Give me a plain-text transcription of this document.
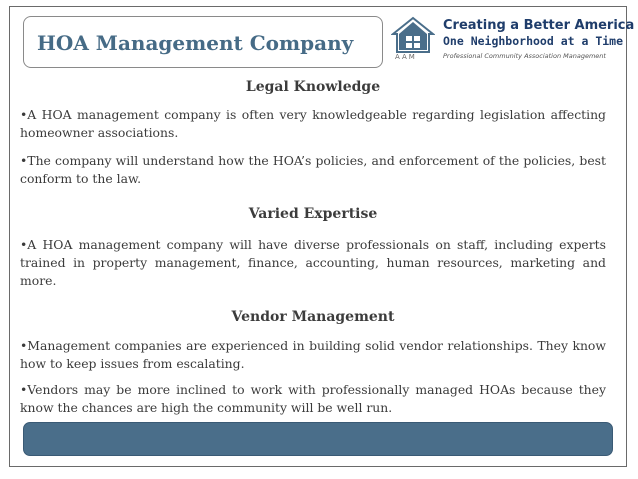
HOA Management Company
AAM
Creating a Better America
One Neighborhood at a Time
Professional Community Association Management
Legal Knowledge
•A HOA management company is often very knowledgeable regarding legislation affecting homeowner associations.
•The company will understand how the HOA’s policies, and enforcement of the policies, best conform to the law.
Varied Expertise
•A HOA management company will have diverse professionals on staff, including experts trained in property management, finance, accounting, human resources, marketing and more.
Vendor Management
•Management companies are experienced in building solid vendor relationships. They know how to keep issues from escalating.
•Vendors may be more inclined to work with professionally managed HOAs because they know the chances are high the community will be well run.
